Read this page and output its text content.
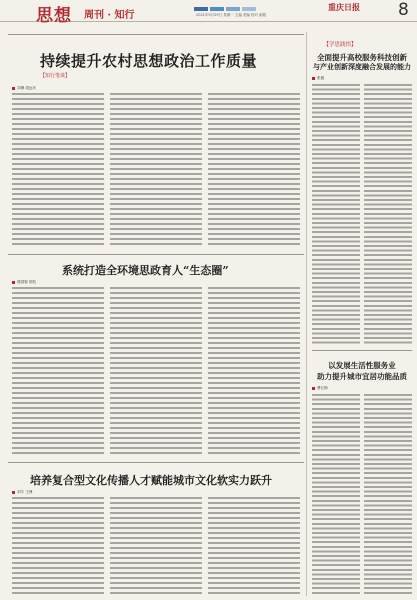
思想 周刊 · 知行	2021年9月29日 星期一 主编 美编 校对 邮箱
重庆日报 8
持续提升农村思想政治工作质量
【知行笔谈】
刘琳 蒙远东
系统打造全环境思政育人“生态圈”
熊国强 胡杭
培养复合型文化传播人才赋能城市文化软实力跃升
刘宇 王博
【学思践悟】
全面提升高校服务科技创新
与产业创新深度融合发展的能力
张健
以发展生活性服务业
助力提升城市宜居功能品质
曹红梅
